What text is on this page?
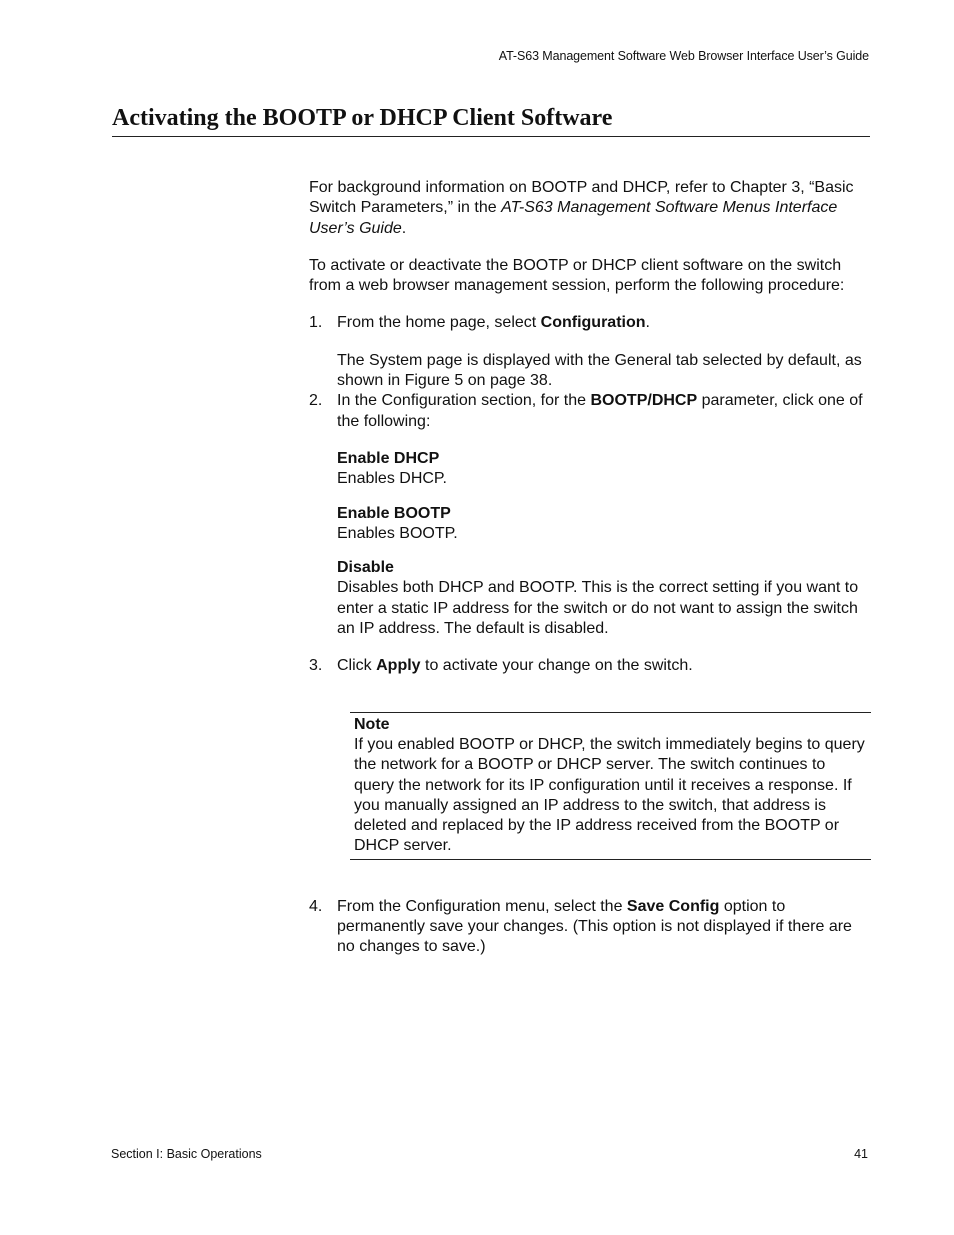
AT-S63 Management Software Web Browser Interface User’s Guide
Activating the BOOTP or DHCP Client Software

For background information on BOOTP and DHCP, refer to Chapter 3, “Basic Switch Parameters,” in the AT-S63 Management Software Menus Interface User’s Guide.

To activate or deactivate the BOOTP or DHCP client software on the switch from a web browser management session, perform the following procedure:

1. From the home page, select Configuration.

The System page is displayed with the General tab selected by default, as shown in Figure 5 on page 38.

2. In the Configuration section, for the BOOTP/DHCP parameter, click one of the following:
Enable DHCP
Enables DHCP.
Enable BOOTP
Enables BOOTP.
Disable
Disables both DHCP and BOOTP. This is the correct setting if you want to enter a static IP address for the switch or do not want to assign the switch an IP address. The default is disabled.
3. Click Apply to activate your change on the switch.
Note
If you enabled BOOTP or DHCP, the switch immediately begins to query the network for a BOOTP or DHCP server. The switch continues to query the network for its IP configuration until it receives a response. If you manually assigned an IP address to the switch, that address is deleted and replaced by the IP address received from the BOOTP or DHCP server.
4. From the Configuration menu, select the Save Config option to permanently save your changes. (This option is not displayed if there are no changes to save.)
Section I: Basic Operations	41
